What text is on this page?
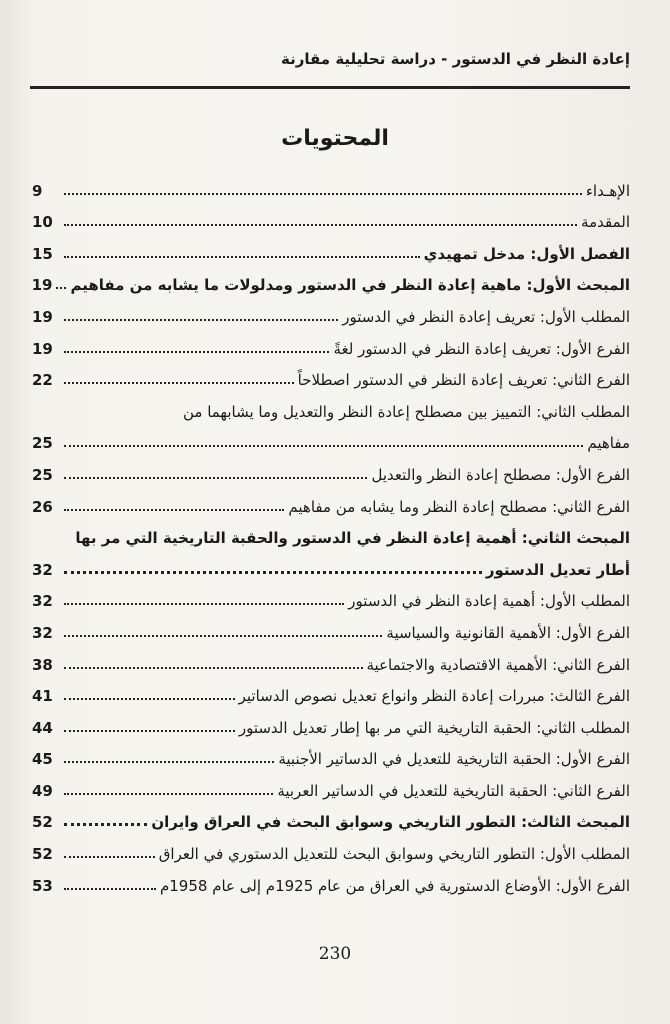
إعادة النظر في الدستور - دراسة تحليلية مقارنة
المحتويات
الإهـداء
9
المقدمة
10
الفصل الأول: مدخل تمهيدي
15
المبحث الأول: ماهية إعادة النظر في الدستور ومدلولات ما يشابه من مفاهيم
19
المطلب الأول: تعريف إعادة النظر في الدستور
19
الفرع الأول: تعريف إعادة النظر في الدستور لغةً
19
الفرع الثاني: تعريف إعادة النظر في الدستور اصطلاحاً
22
المطلب الثاني: التمييز بين مصطلح إعادة النظر والتعديل وما يشابهما من
مفاهيم
25
الفرع الأول: مصطلح إعادة النظر والتعديل
25
الفرع الثاني: مصطلح إعادة النظر وما يشابه من مفاهيم
26
المبحث الثاني: أهمية إعادة النظر في الدستور والحقبة التاريخية التي مر بها
أطار تعديل الدستور
32
المطلب الأول: أهمية إعادة النظر في الدستور
32
الفرع الأول: الأهمية القانونية والسياسية
32
الفرع الثاني: الأهمية الاقتصادية والاجتماعية
38
الفرع الثالث: مبررات إعادة النظر وانواع تعديل نصوص الدساتير
41
المطلب الثاني: الحقبة التاريخية التي مر بها إطار تعديل الدستور
44
الفرع الأول: الحقبة التاريخية للتعديل في الدساتير الأجنبية
45
الفرع الثاني: الحقبة التاريخية للتعديل في الدساتير العربية
49
المبحث الثالث: التطور التاريخي وسوابق البحث في العراق وايران
52
المطلب الأول: التطور التاريخي وسوابق البحث للتعديل الدستوري في العراق
52
الفرع الأول: الأوضاع الدستورية في العراق من عام 1925م إلى عام 1958م
53
230
